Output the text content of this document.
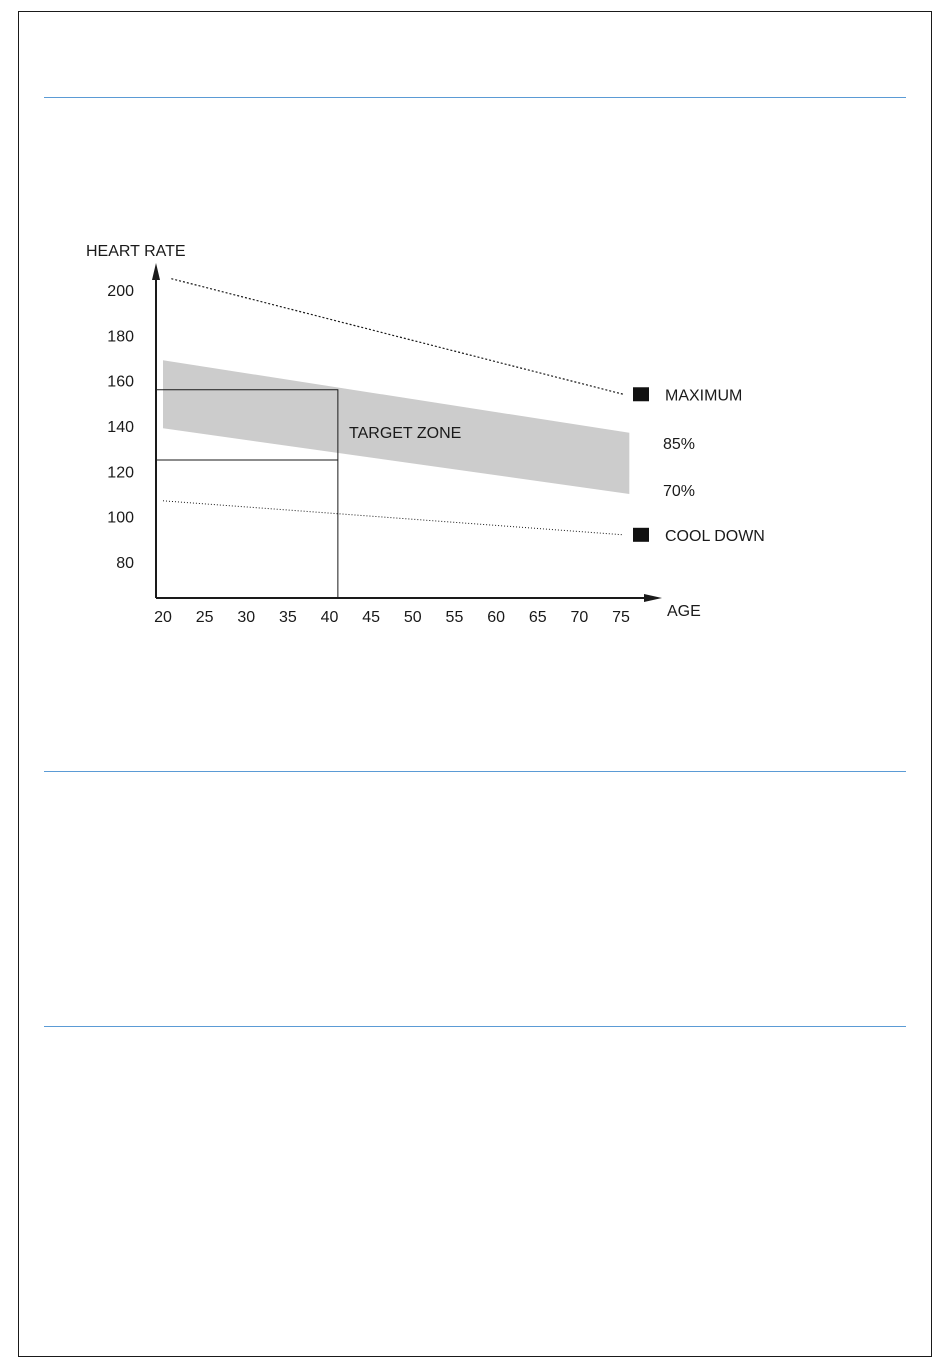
HEART RATE
AGE
TARGET ZONE
80
100
120
140
160
180
200
20 25 30 35 40 45 50 55 60 65 70 75
MAXIMUM
COOL DOWN
85%
70%
